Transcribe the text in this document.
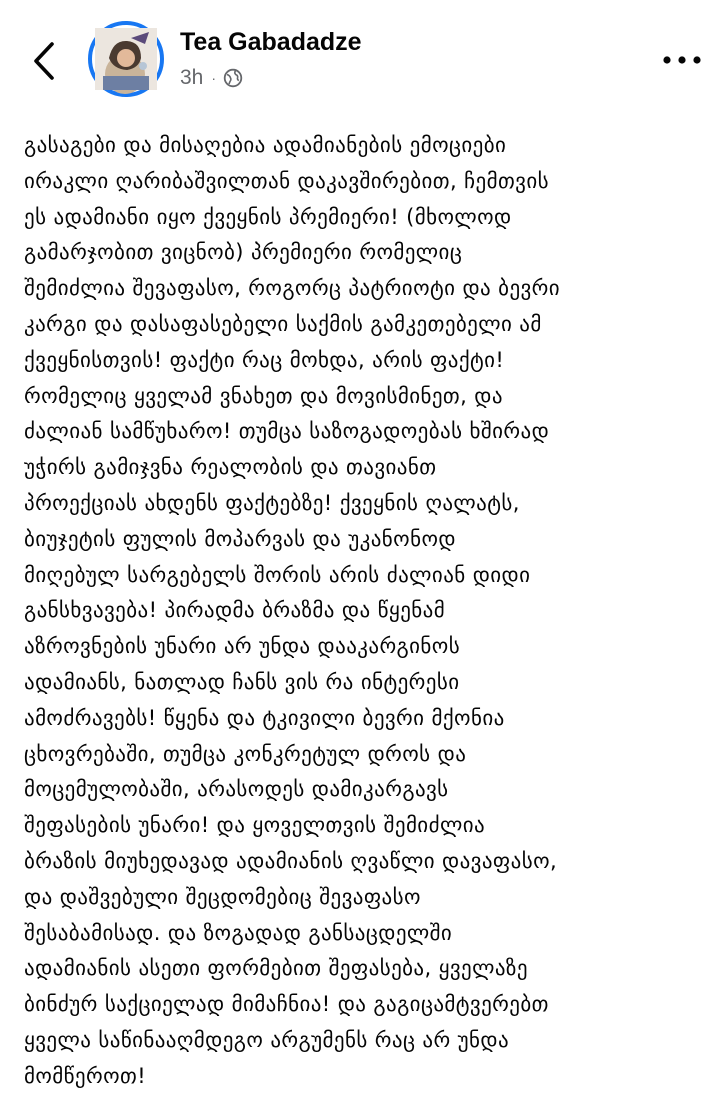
Tea Gabadadze
3h ·
გასაგები და მისაღებია ადამიანების ემოციები
ირაკლი ღარიბაშვილთან დაკავშირებით, ჩემთვის
ეს ადამიანი იყო ქვეყნის პრემიერი! (მხოლოდ
გამარჯობით ვიცნობ) პრემიერი რომელიც
შემიძლია შევაფასო, როგორც პატრიოტი და ბევრი
კარგი და დასაფასებელი საქმის გამკეთებელი ამ
ქვეყნისთვის! ფაქტი რაც მოხდა, არის ფაქტი!
რომელიც ყველამ ვნახეთ და მოვისმინეთ, და
ძალიან სამწუხარო! თუმცა საზოგადოებას ხშირად
უჭირს გამიჯვნა რეალობის და თავიანთ
პროექციას ახდენს ფაქტებზე! ქვეყნის ღალატს,
ბიუჯეტის ფულის მოპარვას და უკანონოდ
მიღებულ სარგებელს შორის არის ძალიან დიდი
განსხვავება! პირადმა ბრაზმა და წყენამ
აზროვნების უნარი არ უნდა დააკარგინოს
ადამიანს, ნათლად ჩანს ვის რა ინტერესი
ამოძრავებს! წყენა და ტკივილი ბევრი მქონია
ცხოვრებაში, თუმცა კონკრეტულ დროს და
მოცემულობაში, არასოდეს დამიკარგავს
შეფასების უნარი! და ყოველთვის შემიძლია
ბრაზის მიუხედავად ადამიანის ღვაწლი დავაფასო,
და დაშვებული შეცდომებიც შევაფასო
შესაბამისად. და ზოგადად განსაცდელში
ადამიანის ასეთი ფორმებით შეფასება, ყველაზე
ბინძურ საქციელად მიმაჩნია! და გაგიცამტვერებთ
ყველა საწინააღმდეგო არგუმენს რაც არ უნდა
მომწეროთ!
